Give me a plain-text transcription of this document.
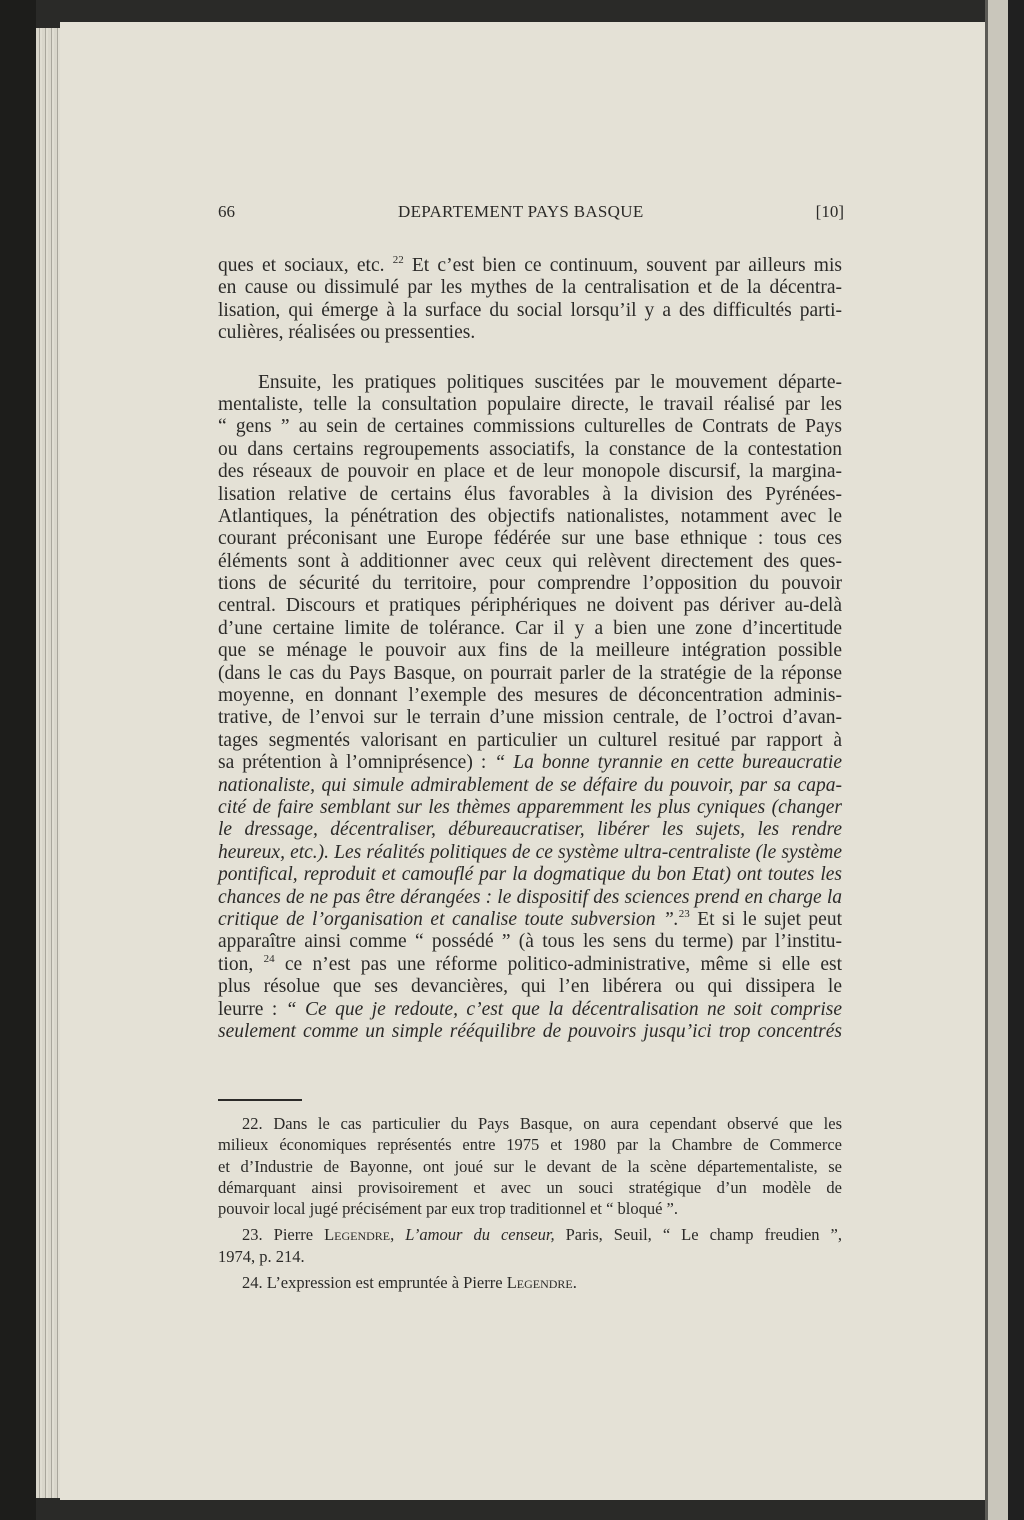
66	DEPARTEMENT PAYS BASQUE	[10]
ques et sociaux, etc. $^{22}$ Et c’est bien ce continuum, souvent par ailleurs mis
en cause ou dissimulé par les mythes de la centralisation et de la décentra-
lisation, qui émerge à la surface du social lorsqu’il y a des difficultés parti-
culières, réalisées ou pressenties.
Ensuite, les pratiques politiques suscitées par le mouvement départe-
mentaliste, telle la consultation populaire directe, le travail réalisé par les
“ gens ” au sein de certaines commissions culturelles de Contrats de Pays
ou dans certains regroupements associatifs, la constance de la contestation
des réseaux de pouvoir en place et de leur monopole discursif, la margina-
lisation relative de certains élus favorables à la division des Pyrénées-
Atlantiques, la pénétration des objectifs nationalistes, notamment avec le
courant préconisant une Europe fédérée sur une base ethnique : tous ces
éléments sont à additionner avec ceux qui relèvent directement des ques-
tions de sécurité du territoire, pour comprendre l’opposition du pouvoir
central. Discours et pratiques périphériques ne doivent pas dériver au-delà
d’une certaine limite de tolérance. Car il y a bien une zone d’incertitude
que se ménage le pouvoir aux fins de la meilleure intégration possible
(dans le cas du Pays Basque, on pourrait parler de la stratégie de la réponse
moyenne, en donnant l’exemple des mesures de déconcentration adminis-
trative, de l’envoi sur le terrain d’une mission centrale, de l’octroi d’avan-
tages segmentés valorisant en particulier un culturel resitué par rapport à
sa prétention à l’omniprésence) : “ La bonne tyrannie en cette bureaucratie
nationaliste, qui simule admirablement de se défaire du pouvoir, par sa capa-
cité de faire semblant sur les thèmes apparemment les plus cyniques (changer
le dressage, décentraliser, débureaucratiser, libérer les sujets, les rendre
heureux, etc.). Les réalités politiques de ce système ultra-centraliste (le système
pontifical, reproduit et camouflé par la dogmatique du bon Etat) ont toutes les
chances de ne pas être dérangées : le dispositif des sciences prend en charge la
critique de l’organisation et canalise toute subversion ”.$^{23}$ Et si le sujet peut
apparaître ainsi comme “ possédé ” (à tous les sens du terme) par l’institu-
tion, $^{24}$ ce n’est pas une réforme politico-administrative, même si elle est
plus résolue que ses devancières, qui l’en libérera ou qui dissipera le
leurre : “ Ce que je redoute, c’est que la décentralisation ne soit comprise
seulement comme un simple rééquilibre de pouvoirs jusqu’ici trop concentrés
22. Dans le cas particulier du Pays Basque, on aura cependant observé que les
milieux économiques représentés entre 1975 et 1980 par la Chambre de Commerce
et d’Industrie de Bayonne, ont joué sur le devant de la scène départementaliste, se
démarquant ainsi provisoirement et avec un souci stratégique d’un modèle de
pouvoir local jugé précisément par eux trop traditionnel et “ bloqué ”.
23. Pierre Legendre, L’amour du censeur, Paris, Seuil, “ Le champ freudien ”,
1974, p. 214.
24. L’expression est empruntée à Pierre Legendre.
